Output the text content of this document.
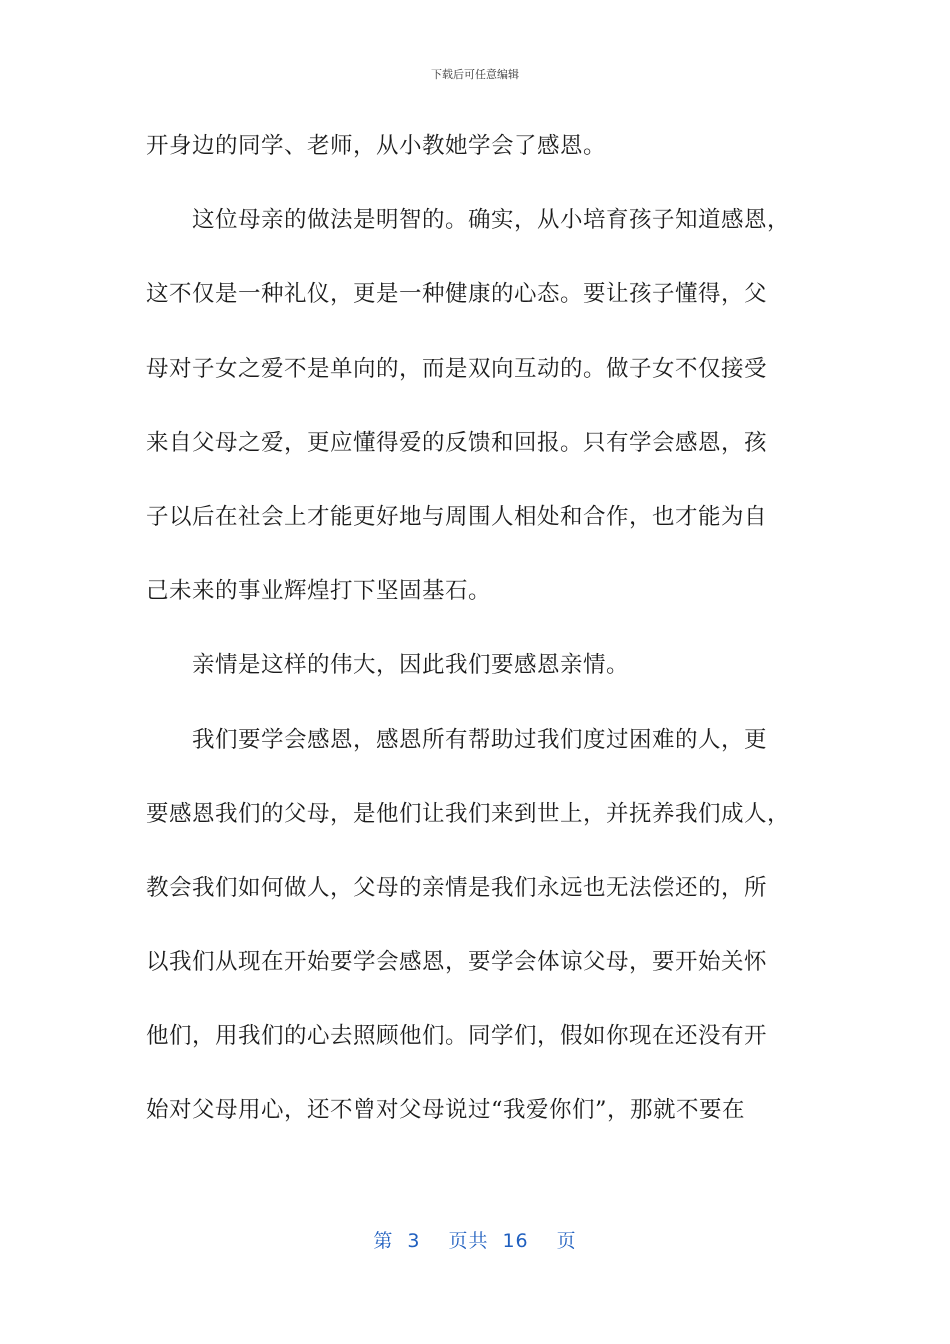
下载后可任意编辑
开身边的同学、老师，从小教她学会了感恩。
这位母亲的做法是明智的。确实，从小培育孩子知道感恩，
这不仅是一种礼仪，更是一种健康的心态。要让孩子懂得，父
母对子女之爱不是单向的，而是双向互动的。做子女不仅接受
来自父母之爱，更应懂得爱的反馈和回报。只有学会感恩，孩
子以后在社会上才能更好地与周围人相处和合作，也才能为自
己未来的事业辉煌打下坚固基石。
亲情是这样的伟大，因此我们要感恩亲情。
我们要学会感恩，感恩所有帮助过我们度过困难的人，更
要感恩我们的父母，是他们让我们来到世上，并抚养我们成人，
教会我们如何做人，父母的亲情是我们永远也无法偿还的，所
以我们从现在开始要学会感恩，要学会体谅父母，要开始关怀
他们，用我们的心去照顾他们。同学们，假如你现在还没有开
始对父母用心，还不曾对父母说过“我爱你们”，那就不要在
第 3 页共 16 页
